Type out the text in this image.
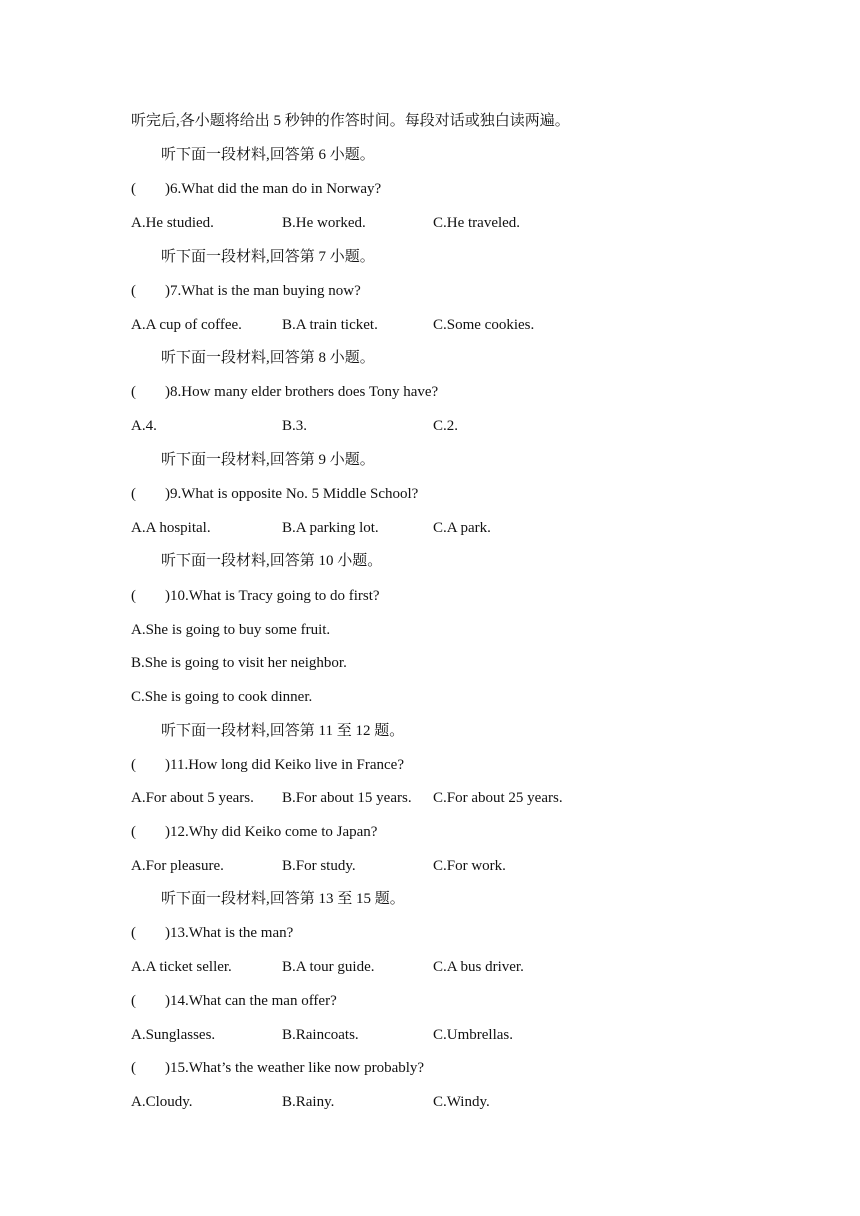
听完后,各小题将给出 5 秒钟的作答时间。每段对话或独白读两遍。
听下面一段材料,回答第 6 小题。
( )6.What did the man do in Norway?
A.He studied.	B.He worked.	C.He traveled.
听下面一段材料,回答第 7 小题。
( )7.What is the man buying now?
A.A cup of coffee.	B.A train ticket.	C.Some cookies.
听下面一段材料,回答第 8 小题。
( )8.How many elder brothers does Tony have?
A.4.	B.3.	C.2.
听下面一段材料,回答第 9 小题。
( )9.What is opposite No. 5 Middle School?
A.A hospital.	B.A parking lot.	C.A park.
听下面一段材料,回答第 10 小题。
( )10.What is Tracy going to do first?
A.She is going to buy some fruit.
B.She is going to visit her neighbor.
C.She is going to cook dinner.
听下面一段材料,回答第 11 至 12 题。
( )11.How long did Keiko live in France?
A.For about 5 years. B.For about 15 years. C.For about 25 years.
( )12.Why did Keiko come to Japan?
A.For pleasure.	B.For study.	C.For work.
听下面一段材料,回答第 13 至 15 题。
( )13.What is the man?
A.A ticket seller.	B.A tour guide.	C.A bus driver.
( )14.What can the man offer?
A.Sunglasses.	B.Raincoats.	C.Umbrellas.
( )15.What’s the weather like now probably?
A.Cloudy.	B.Rainy.	C.Windy.
